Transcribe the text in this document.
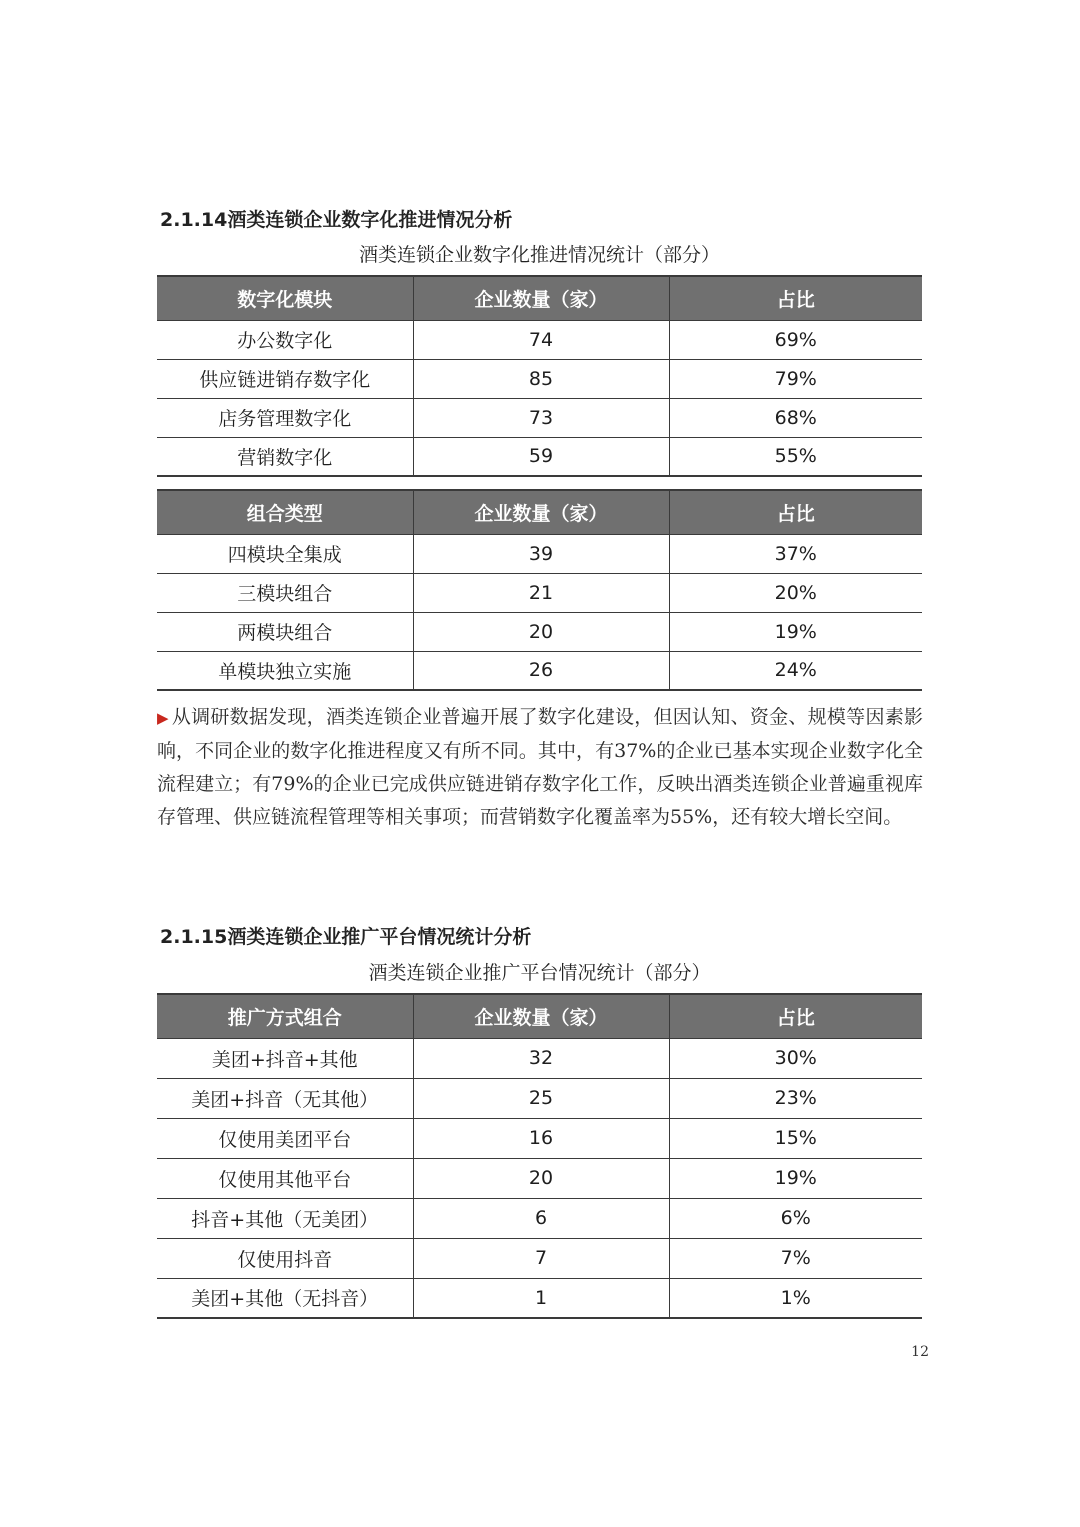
2.1.14酒类连锁企业数字化推进情况分析
酒类连锁企业数字化推进情况统计（部分）
数字化模块	企业数量（家）	占比
办公数字化	74	69%
供应链进销存数字化	85	79%
店务管理数字化	73	68%
营销数字化	59	55%
组合类型	企业数量（家）	占比
四模块全集成	39	37%
三模块组合	21	20%
两模块组合	20	19%
单模块独立实施	26	24%
▶ 从调研数据发现，酒类连锁企业普遍开展了数字化建设，但因认知、资金、规模等因素影响，不同企业的数字化推进程度又有所不同。其中，有37%的企业已基本实现企业数字化全流程建立；有79%的企业已完成供应链进销存数字化工作，反映出酒类连锁企业普遍重视库存管理、供应链流程管理等相关事项；而营销数字化覆盖率为55%，还有较大增长空间。
2.1.15酒类连锁企业推广平台情况统计分析
酒类连锁企业推广平台情况统计（部分）
推广方式组合	企业数量（家）	占比
美团+抖音+其他	32	30%
美团+抖音（无其他）	25	23%
仅使用美团平台	16	15%
仅使用其他平台	20	19%
抖音+其他（无美团）	6	6%
仅使用抖音	7	7%
美团+其他（无抖音）	1	1%
12
